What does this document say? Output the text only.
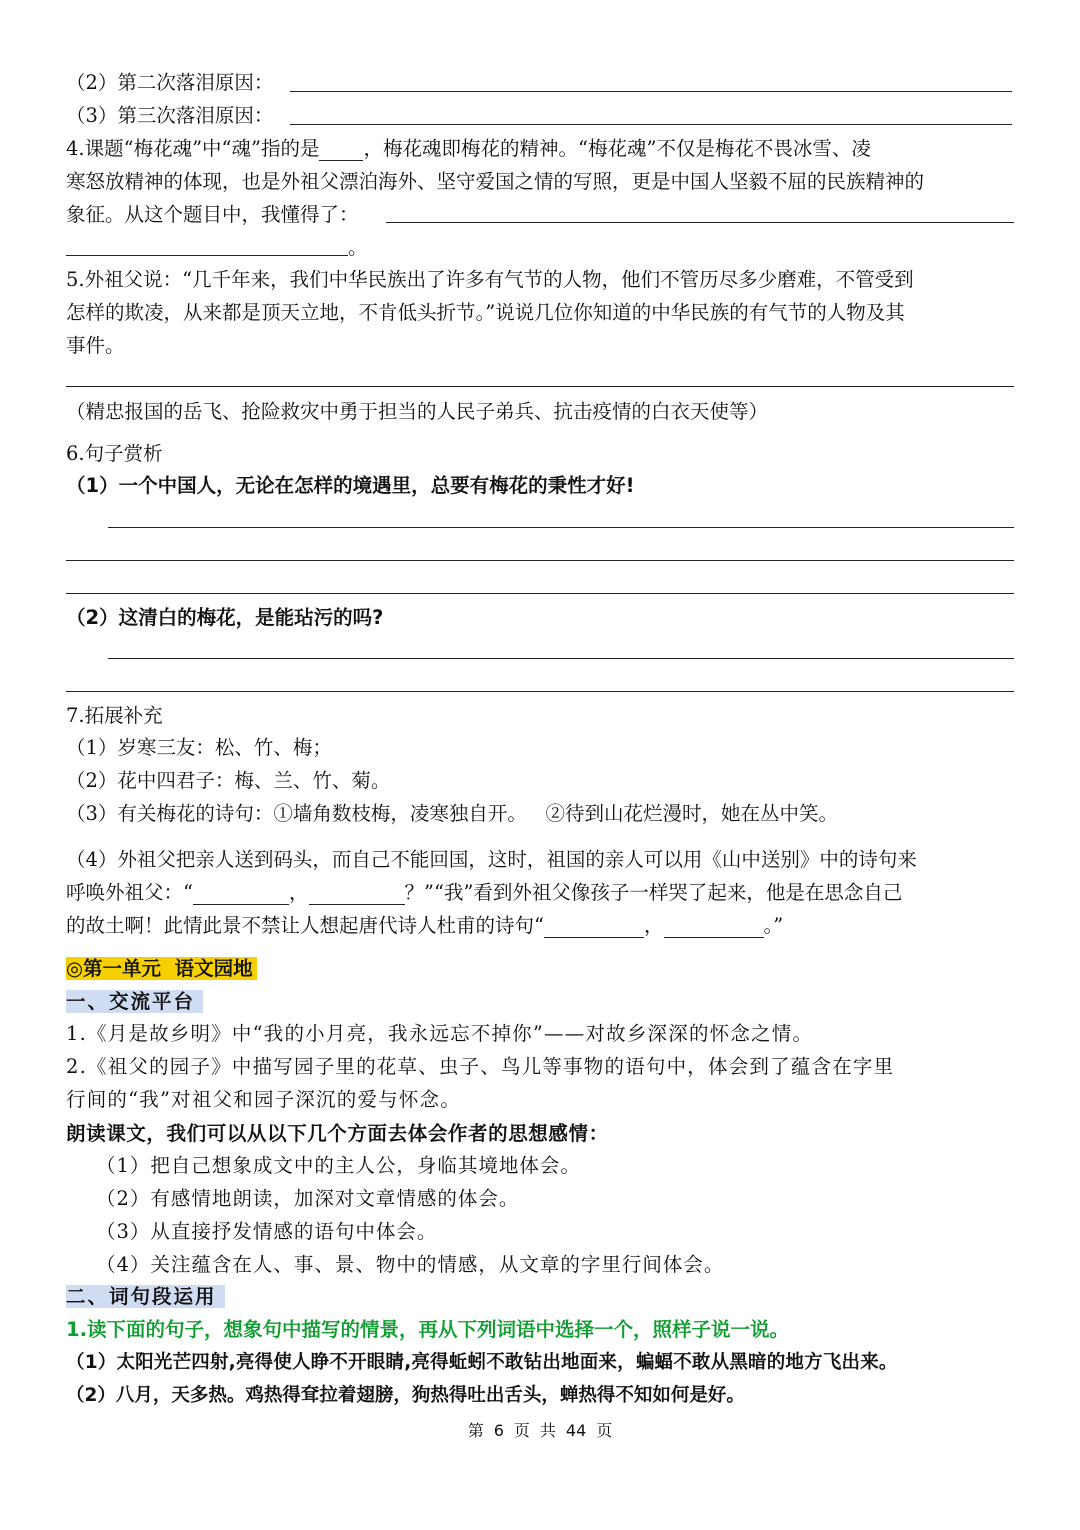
（2）第二次落泪原因：
（3）第三次落泪原因：
4.课题“梅花魂”中“魂”指的是 ，梅花魂即梅花的精神。“梅花魂”不仅是梅花不畏冰雪、凌
寒怒放精神的体现，也是外祖父漂泊海外、坚守爱国之情的写照，更是中国人坚毅不屈的民族精神的
象征。从这个题目中，我懂得了：
。
5.外祖父说：“几千年来，我们中华民族出了许多有气节的人物，他们不管历尽多少磨难，不管受到
怎样的欺凌，从来都是顶天立地，不肯低头折节。”说说几位你知道的中华民族的有气节的人物及其
事件。
（精忠报国的岳飞、抢险救灾中勇于担当的人民子弟兵、抗击疫情的白衣天使等）
6.句子赏析
（1）一个中国人，无论在怎样的境遇里，总要有梅花的秉性才好!
（2）这清白的梅花，是能玷污的吗?
7.拓展补充
（1）岁寒三友：松、竹、梅；
（2）花中四君子：梅、兰、竹、菊。
（3）有关梅花的诗句：①墙角数枝梅，凌寒独自开。   ②待到山花烂漫时，她在丛中笑。
（4）外祖父把亲人送到码头，而自己不能回国，这时，祖国的亲人可以用《山中送别》中的诗句来
呼唤外祖父：“	，	？”“我”看到外祖父像孩子一样哭了起来，他是在思念自己
的故土啊！此情此景不禁让人想起唐代诗人杜甫的诗句“	，	。”
◎第一单元  语文园地
一、交流平台
1.《月是故乡明》中“我的小月亮，我永远忘不掉你”——对故乡深深的怀念之情。
2.《祖父的园子》中描写园子里的花草、虫子、鸟儿等事物的语句中，体会到了蕴含在字里
行间的“我”对祖父和园子深沉的爱与怀念。
朗读课文，我们可以从以下几个方面去体会作者的思想感情：
（1）把自己想象成文中的主人公，身临其境地体会。
（2）有感情地朗读，加深对文章情感的体会。
（3）从直接抒发情感的语句中体会。
（4）关注蕴含在人、事、景、物中的情感，从文章的字里行间体会。
二、词句段运用
1.读下面的句子，想象句中描写的情景，再从下列词语中选择一个，照样子说一说。
（1）太阳光芒四射,亮得使人睁不开眼睛,亮得蚯蚓不敢钻出地面来，蝙蝠不敢从黑暗的地方飞出来。
（2）八月，天多热。鸡热得耷拉着翅膀，狗热得吐出舌头，蝉热得不知如何是好。
第 6 页 共 44 页
